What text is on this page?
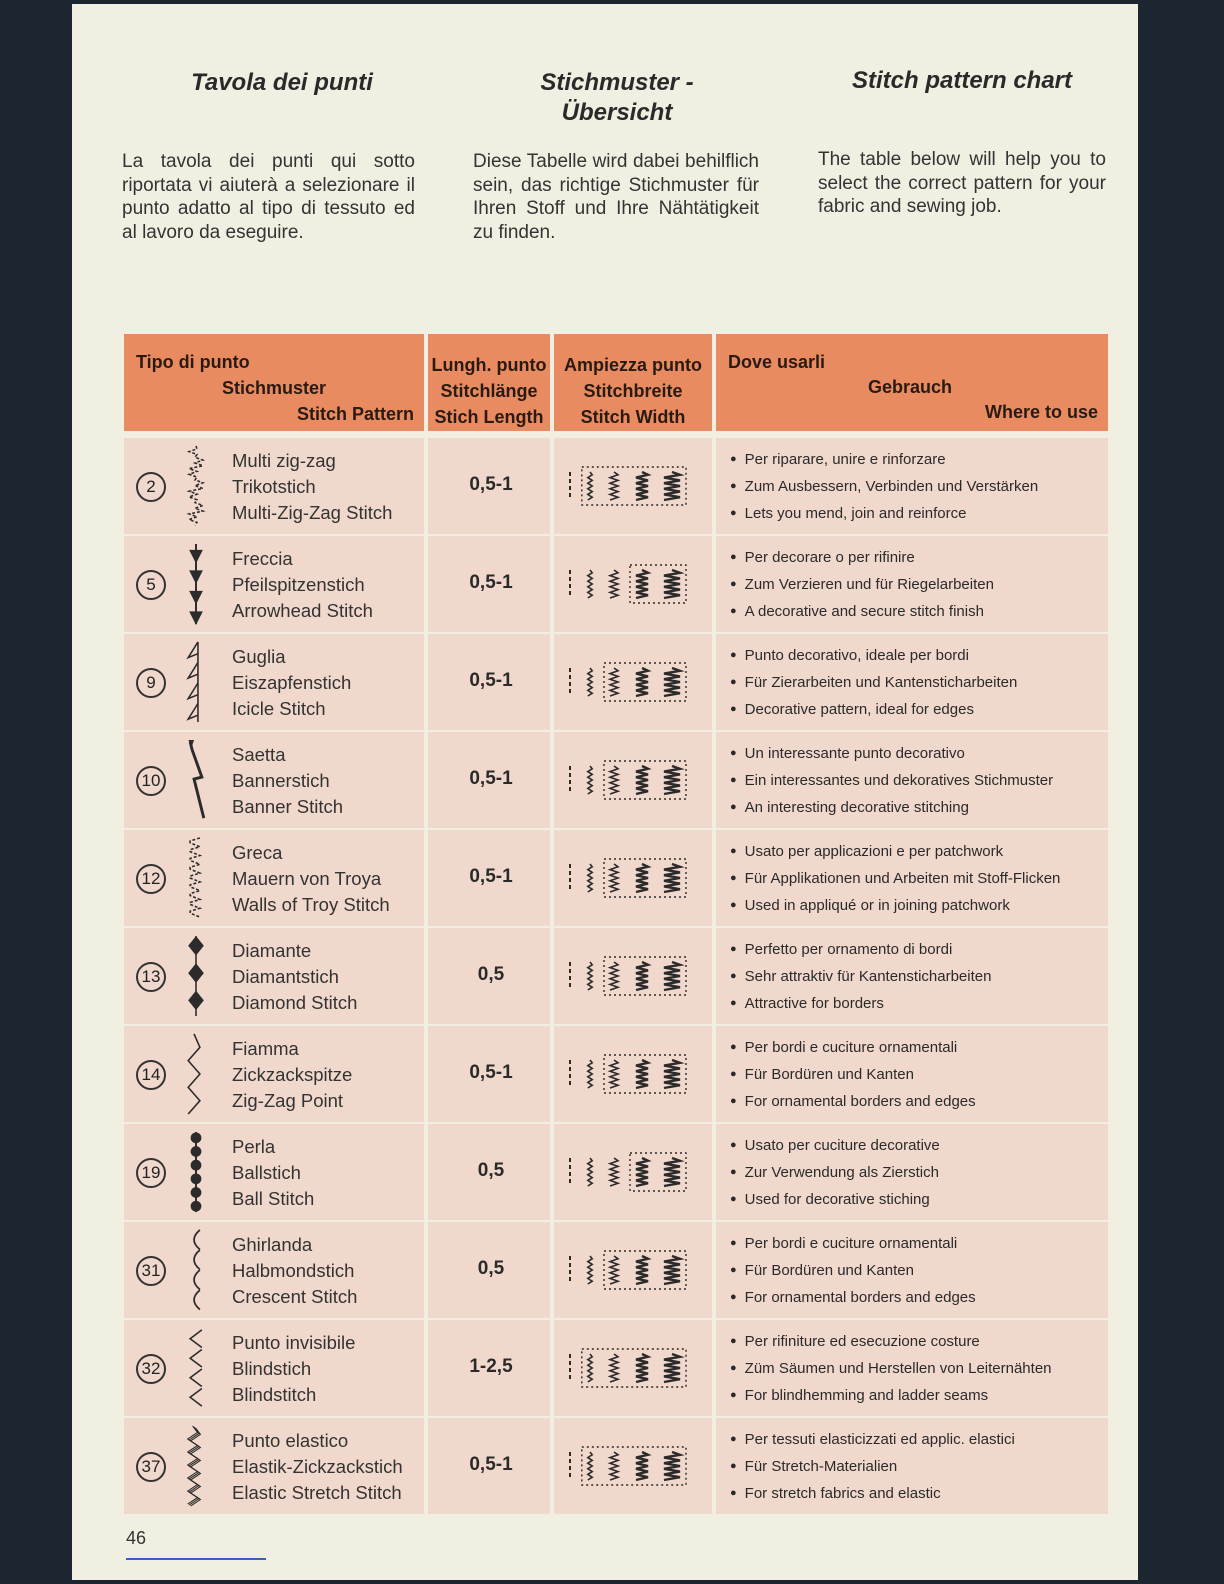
Tavola dei punti	Stichmuster -
Übersicht
Stitch pattern chart
La tavola dei punti qui sotto riportata vi aiuterà a selezionare il punto adatto al tipo di tessuto ed al lavoro da eseguire.
Diese Tabelle wird dabei behilflich sein, das richtige Stichmuster für Ihren Stoff und Ihre Nähtätigkeit zu finden.
The table below will help you to select the correct pattern for your fabric and sewing job.
Tipo di punto
Stichmuster
Stitch Pattern
Lungh. punto
Stitchlänge
Stich Length
Ampiezza punto
Stitchbreite
Stitch Width
Dove usarli
Gebrauch
Where to use
2
Multi zig-zag
Trikotstich
Multi-Zig-Zag Stitch
0,5-1
● Per riparare, unire e rinforzare
● Zum Ausbessern, Verbinden und Verstärken
● Lets you mend, join and reinforce
5
Freccia
Pfeilspitzenstich
Arrowhead Stitch
0,5-1
● Per decorare o per rifinire
● Zum Verzieren und für Riegelarbeiten
● A decorative and secure stitch finish
9
Guglia
Eiszapfenstich
Icicle Stitch
0,5-1
● Punto decorativo, ideale per bordi
● Für Zierarbeiten und Kantensticharbeiten
● Decorative pattern, ideal for edges
10
Saetta
Bannerstich
Banner Stitch
0,5-1
● Un interessante punto decorativo
● Ein interessantes und dekoratives Stichmuster
● An interesting decorative stitching
12
Greca
Mauern von Troya
Walls of Troy Stitch
0,5-1
● Usato per applicazioni e per patchwork
● Für Applikationen und Arbeiten mit Stoff-Flicken
● Used in appliqué or in joining patchwork
13
Diamante
Diamantstich
Diamond Stitch
0,5
● Perfetto per ornamento di bordi
● Sehr attraktiv für Kantensticharbeiten
● Attractive for borders
14
Fiamma
Zickzackspitze
Zig-Zag Point
0,5-1
● Per bordi e cuciture ornamentali
● Für Bordüren und Kanten
● For ornamental borders and edges
19
Perla
Ballstich
Ball Stitch
0,5
● Usato per cuciture decorative
● Zur Verwendung als Zierstich
● Used for decorative stiching
31
Ghirlanda
Halbmondstich
Crescent Stitch
0,5
● Per bordi e cuciture ornamentali
● Für Bordüren und Kanten
● For ornamental borders and edges
32
Punto invisibile
Blindstich
Blindstitch
1-2,5
● Per rifiniture ed esecuzione costure
● Züm Säumen und Herstellen von Leiternähten
● For blindhemming and ladder seams
37
Punto elastico
Elastik-Zickzackstich
Elastic Stretch Stitch
0,5-1
● Per tessuti elasticizzati ed applic. elastici
● Für Stretch-Materialien
● For stretch fabrics and elastic
46
